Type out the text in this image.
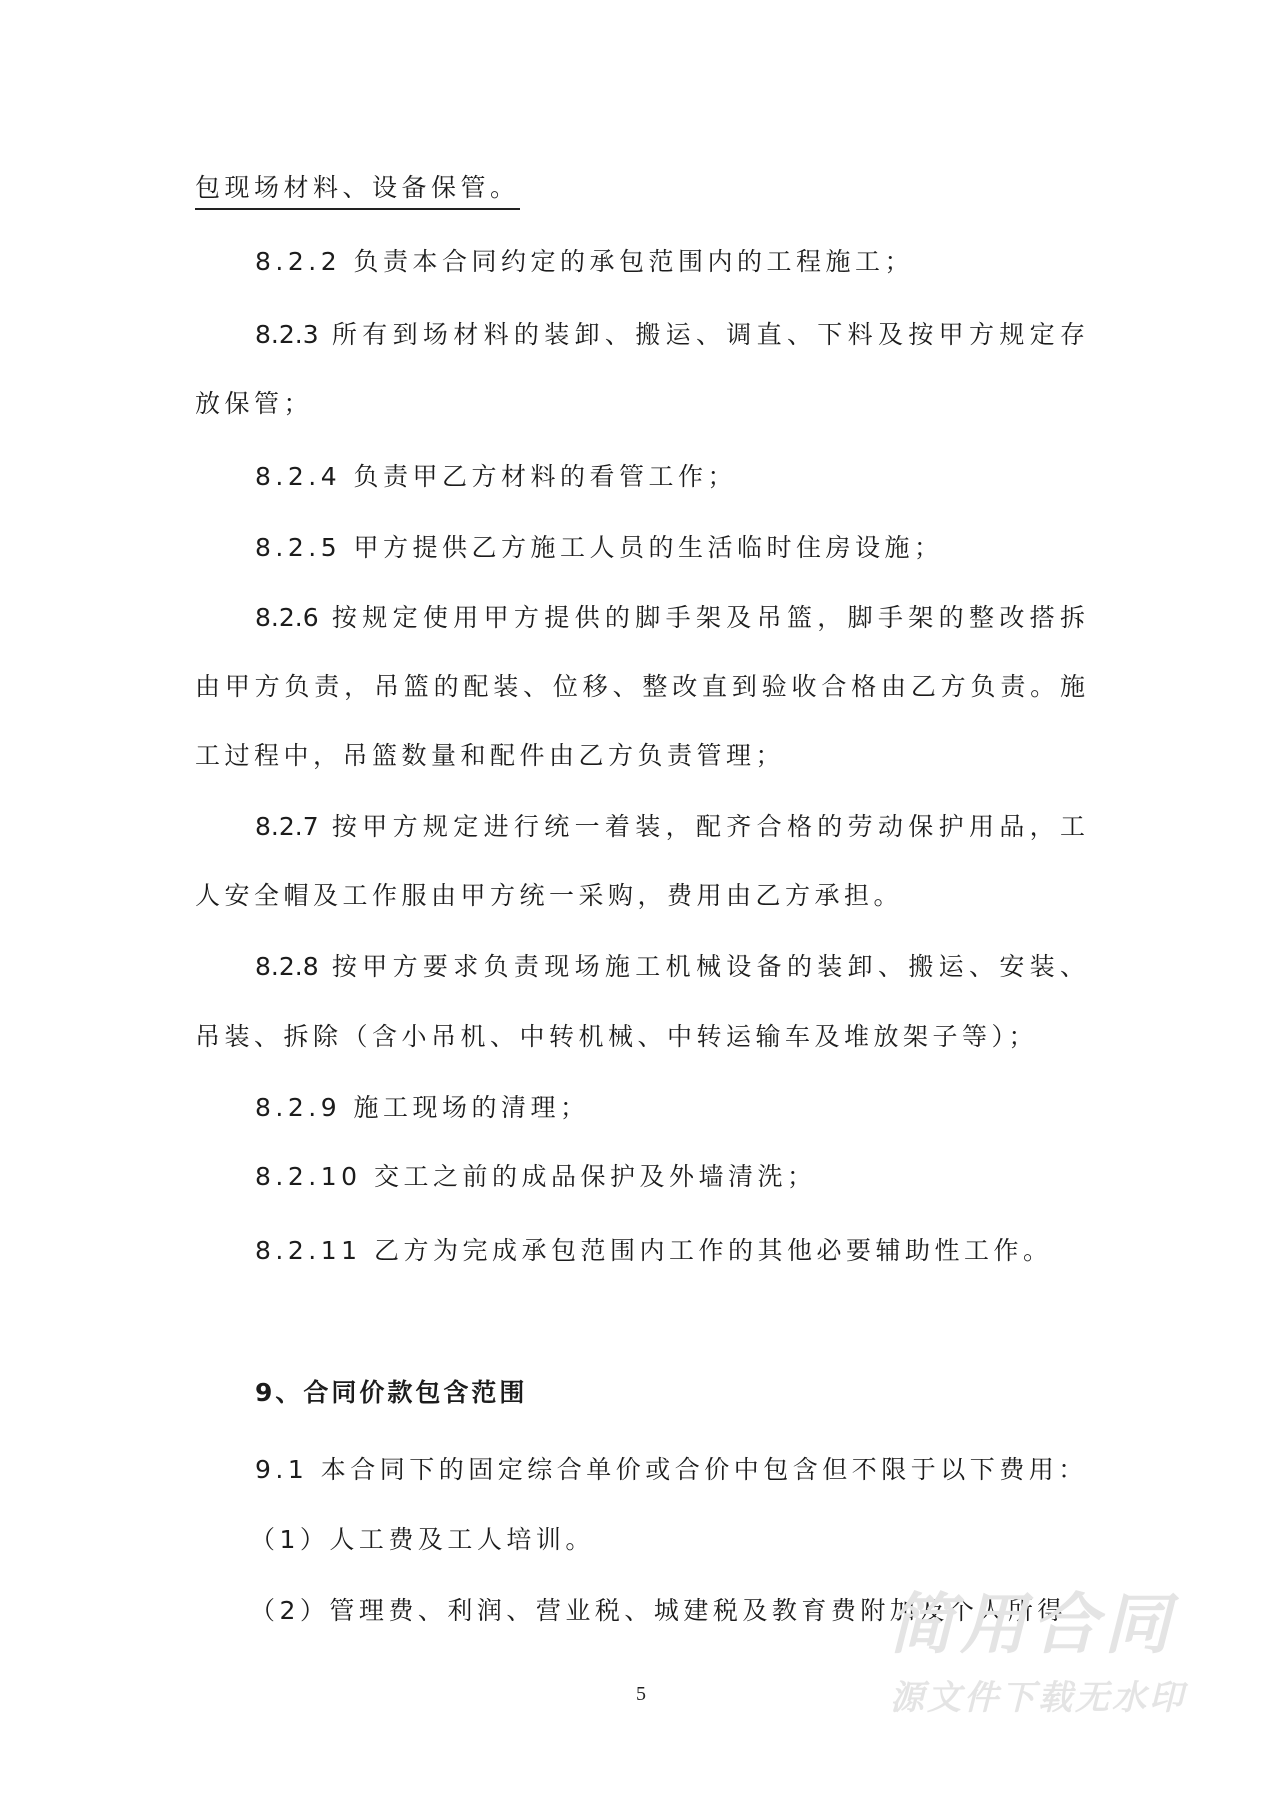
包现场材料、设备保管。
8.2.2 负责本合同约定的承包范围内的工程施工；
8.2.3 所有到场材料的装卸、搬运、调直、下料及按甲方规定存
放保管；
8.2.4 负责甲乙方材料的看管工作；
8.2.5 甲方提供乙方施工人员的生活临时住房设施；
8.2.6 按规定使用甲方提供的脚手架及吊篮，脚手架的整改搭拆
由甲方负责，吊篮的配装、位移、整改直到验收合格由乙方负责。施
工过程中，吊篮数量和配件由乙方负责管理；
8.2.7 按甲方规定进行统一着装，配齐合格的劳动保护用品，工
人安全帽及工作服由甲方统一采购，费用由乙方承担。
8.2.8 按甲方要求负责现场施工机械设备的装卸、搬运、安装、
吊装、拆除（含小吊机、中转机械、中转运输车及堆放架子等）；
8.2.9 施工现场的清理；
8.2.10 交工之前的成品保护及外墙清洗；
8.2.11 乙方为完成承包范围内工作的其他必要辅助性工作。
9、合同价款包含范围
9.1 本合同下的固定综合单价或合价中包含但不限于以下费用：
（1）人工费及工人培训。
（2）管理费、利润、营业税、城建税及教育费附加及个人所得
5
简用合同
源文件下载无水印
